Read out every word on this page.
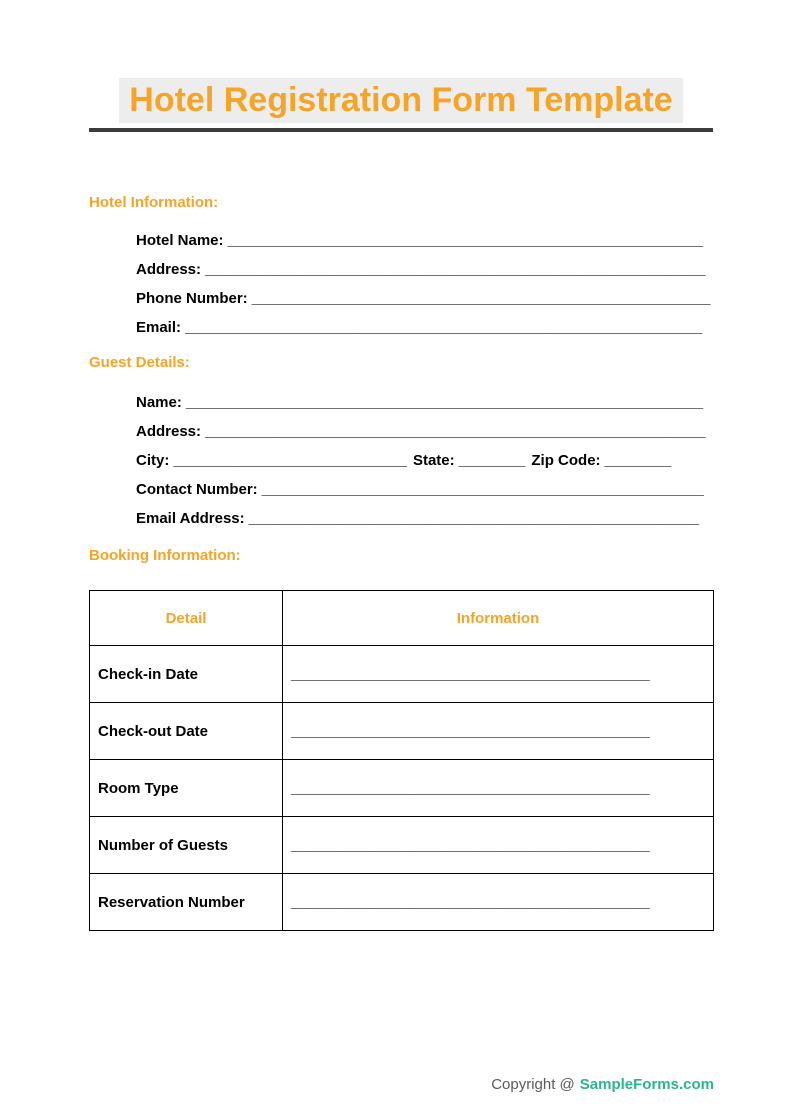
Hotel Registration Form Template
Hotel Information:
• Hotel Name: _________________________________________________________
• Address: ____________________________________________________________
• Phone Number: _______________________________________________________
• Email: ______________________________________________________________
Guest Details:
• Name: ______________________________________________________________
• Address: ____________________________________________________________
• City: ____________________________ State: ________ Zip Code: ________
• Contact Number: _____________________________________________________
• Email Address: ______________________________________________________
Booking Information:
Detail	Information
Check-in Date	___________________________________________
Check-out Date	___________________________________________
Room Type	___________________________________________
Number of Guests	___________________________________________
Reservation Number	___________________________________________
Copyright @ SampleForms.com
